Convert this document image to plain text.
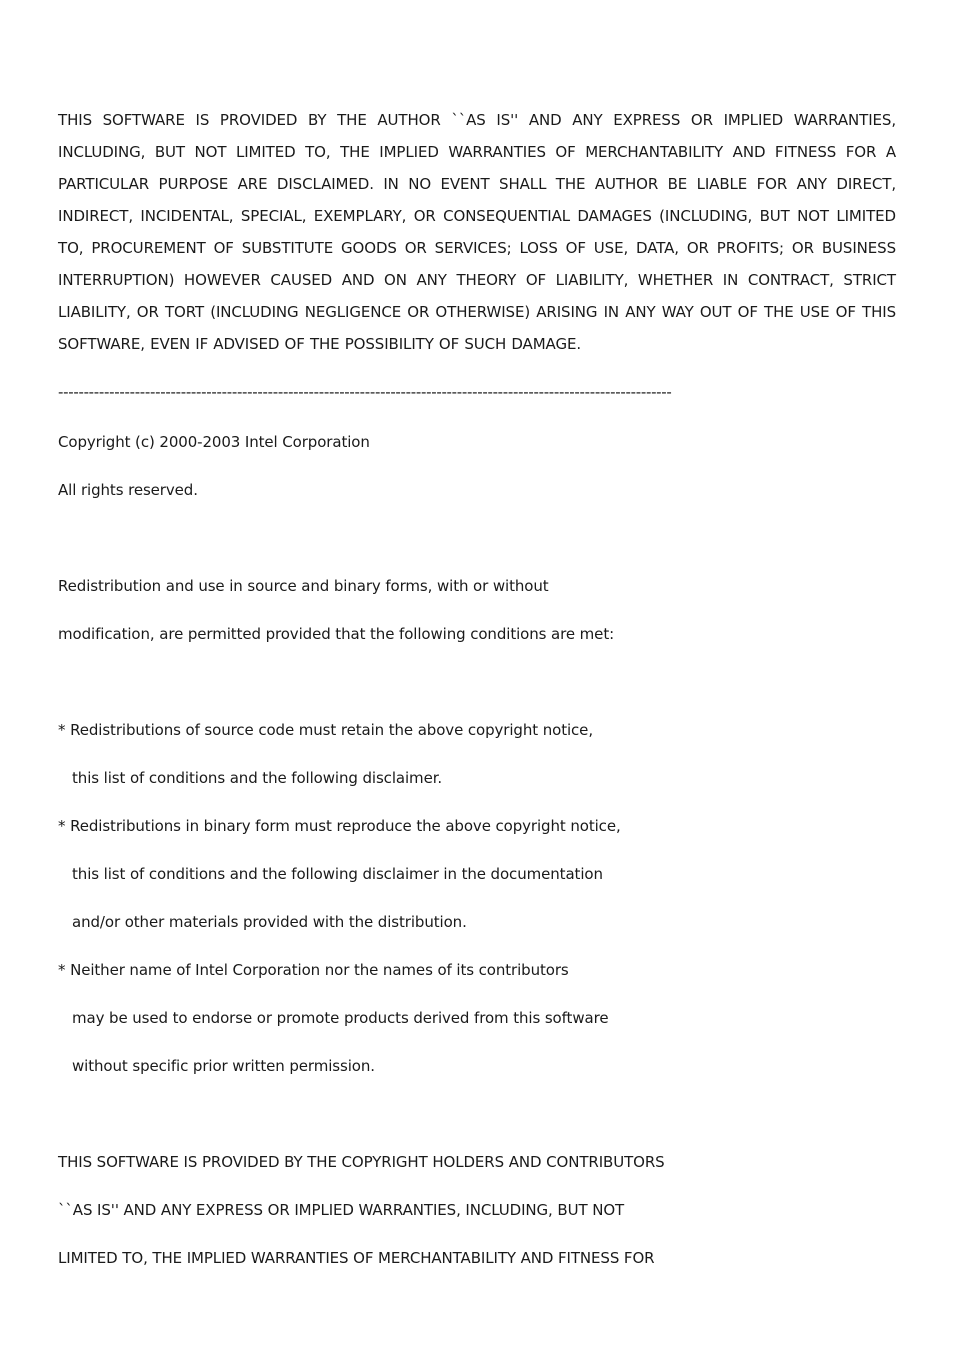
THIS SOFTWARE IS PROVIDED BY THE AUTHOR ``AS IS'' AND ANY EXPRESS OR IMPLIED WARRANTIES, INCLUDING, BUT NOT LIMITED TO, THE IMPLIED WARRANTIES OF MERCHANTABILITY AND FITNESS FOR A PARTICULAR PURPOSE ARE DISCLAIMED. IN NO EVENT SHALL THE AUTHOR BE LIABLE FOR ANY DIRECT, INDIRECT, INCIDENTAL, SPECIAL, EXEMPLARY, OR CONSEQUENTIAL DAMAGES (INCLUDING, BUT NOT LIMITED TO, PROCUREMENT OF SUBSTITUTE GOODS OR SERVICES; LOSS OF USE, DATA, OR PROFITS; OR BUSINESS INTERRUPTION) HOWEVER CAUSED AND ON ANY THEORY OF LIABILITY, WHETHER IN CONTRACT, STRICT LIABILITY, OR TORT (INCLUDING NEGLIGENCE OR OTHERWISE) ARISING IN ANY WAY OUT OF THE USE OF THIS SOFTWARE, EVEN IF ADVISED OF THE POSSIBILITY OF SUCH DAMAGE.

------------------------------------------------------------------------------------------------------------------------

Copyright (c) 2000-2003 Intel Corporation

All rights reserved.

Redistribution and use in source and binary forms, with or without

modification, are permitted provided that the following conditions are met:

* Redistributions of source code must retain the above copyright notice,

this list of conditions and the following disclaimer.

* Redistributions in binary form must reproduce the above copyright notice,

this list of conditions and the following disclaimer in the documentation

and/or other materials provided with the distribution.

* Neither name of Intel Corporation nor the names of its contributors

may be used to endorse or promote products derived from this software

without specific prior written permission.

THIS SOFTWARE IS PROVIDED BY THE COPYRIGHT HOLDERS AND CONTRIBUTORS

``AS IS'' AND ANY EXPRESS OR IMPLIED WARRANTIES, INCLUDING, BUT NOT

LIMITED TO, THE IMPLIED WARRANTIES OF MERCHANTABILITY AND FITNESS FOR
